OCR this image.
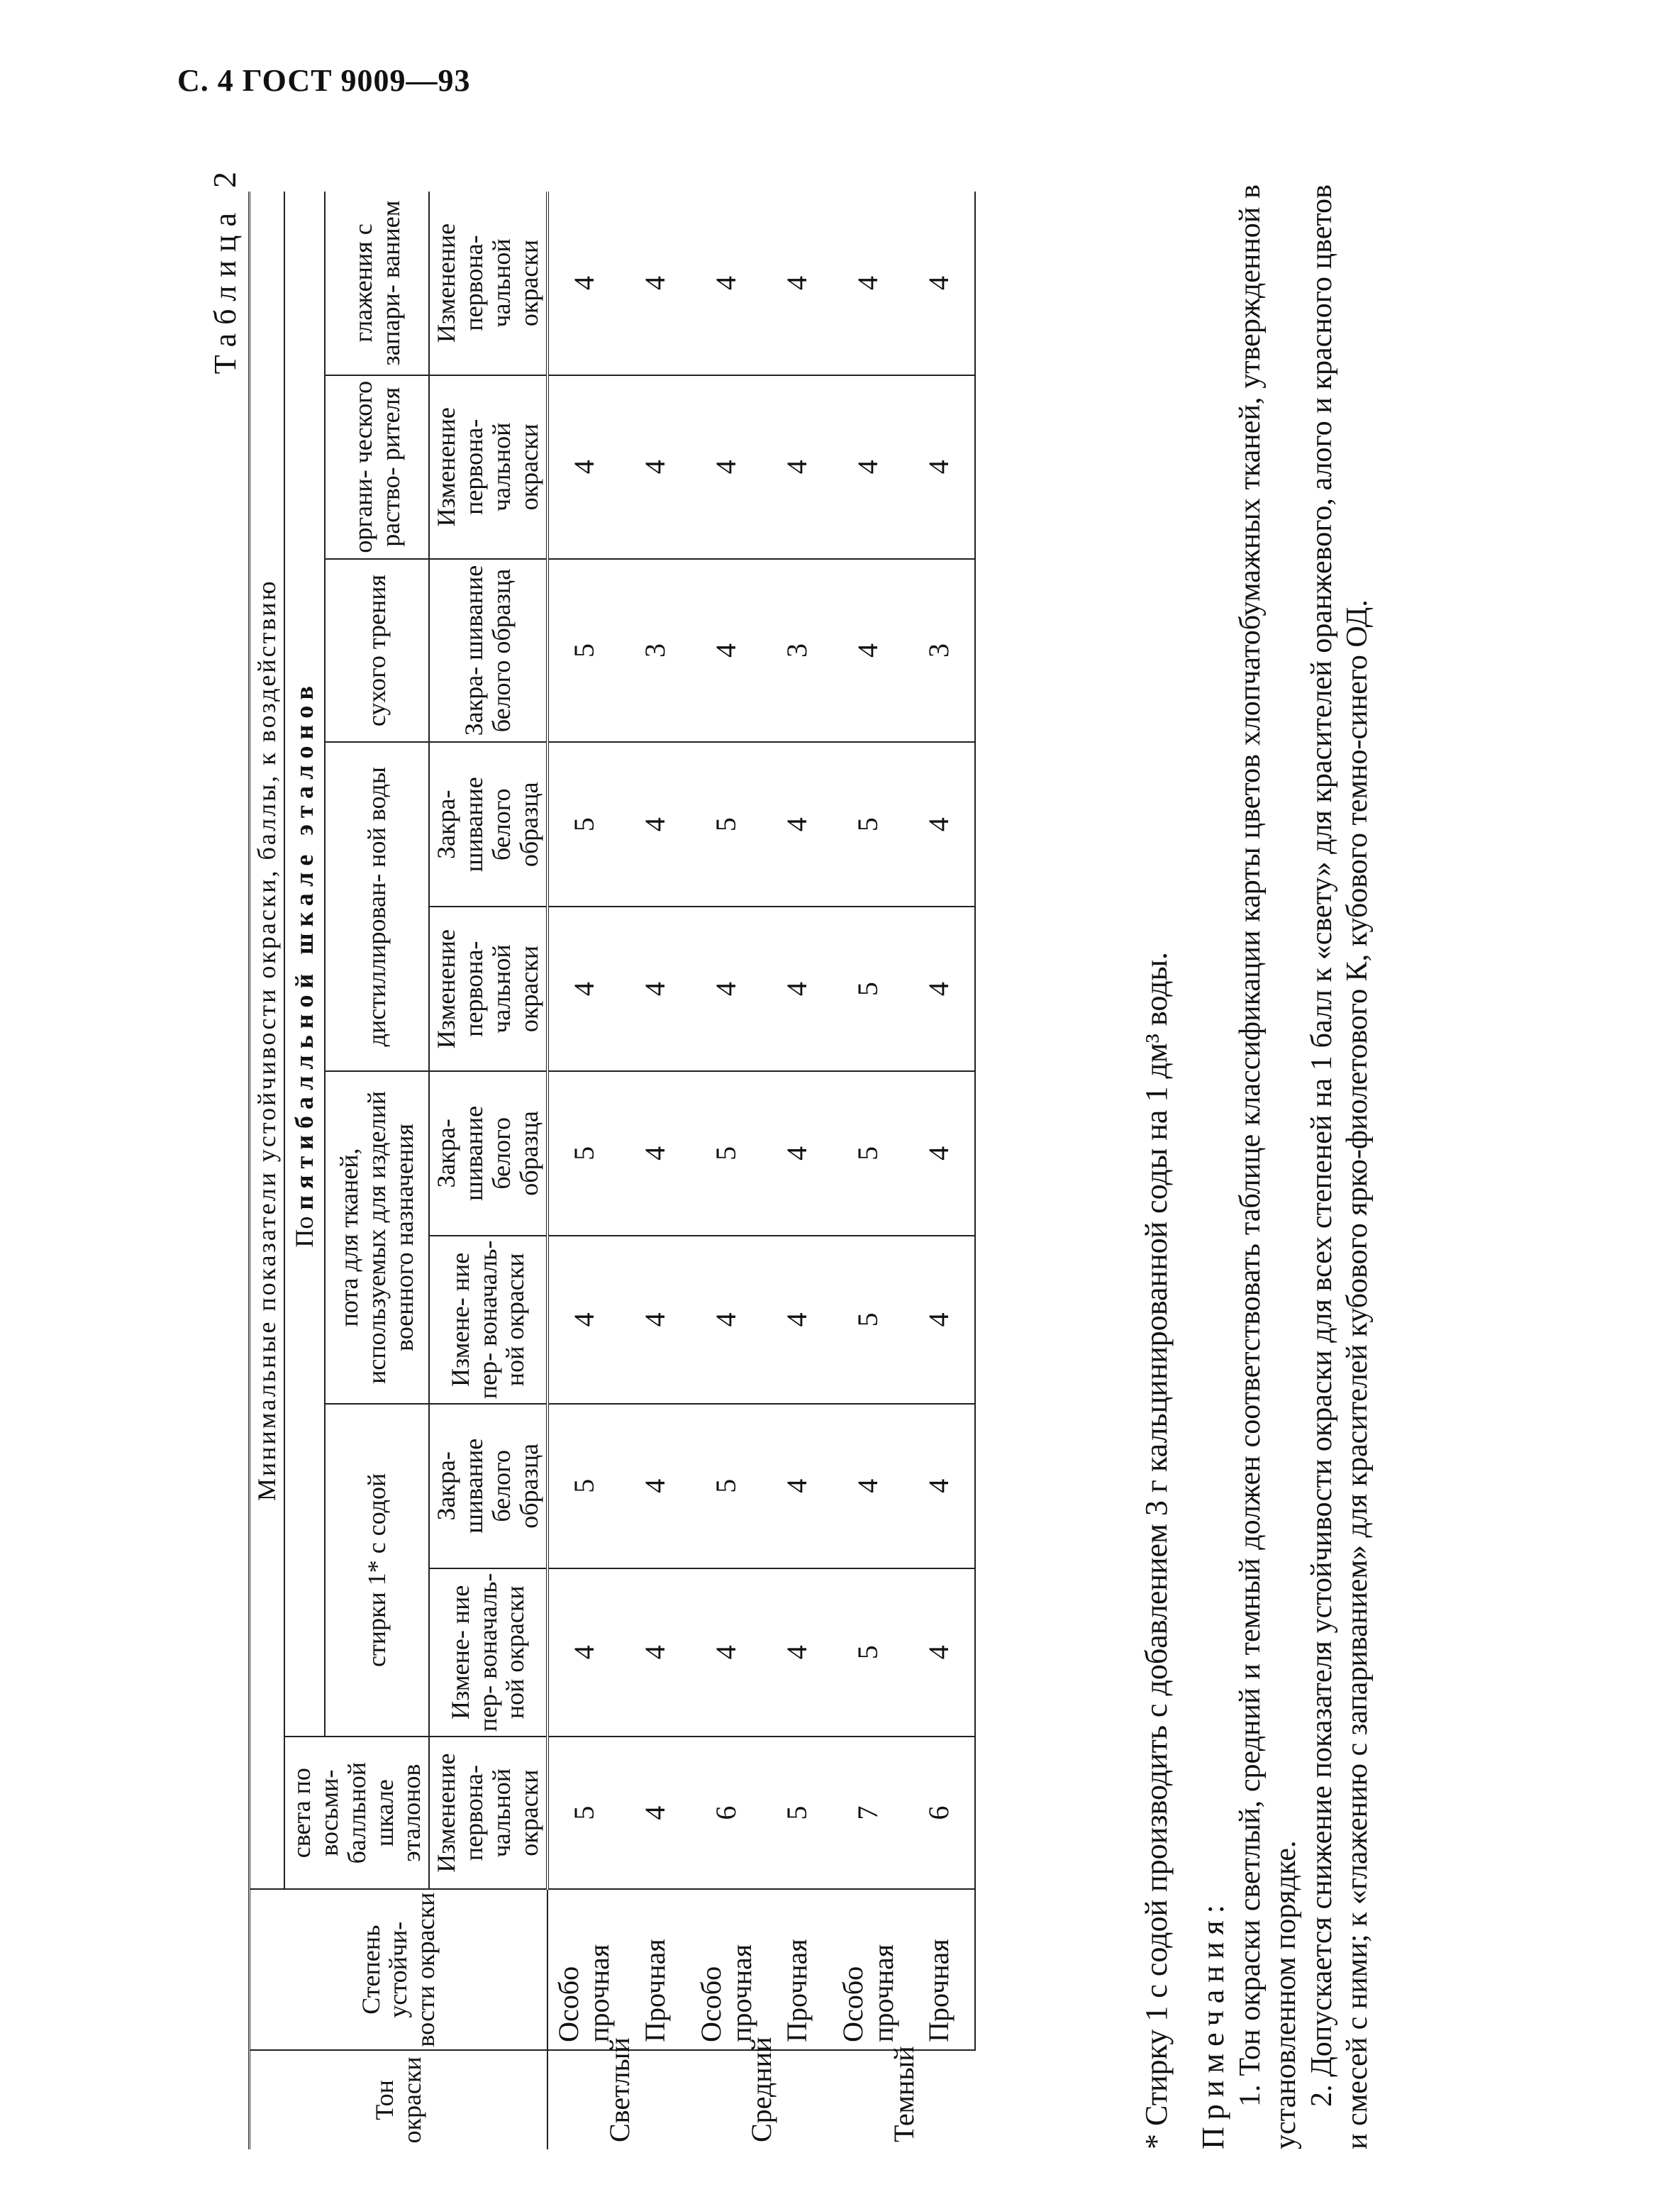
С. 4 ГОСТ 9009—93
Таблица 2
Тон окраски	Степень устойчи- вости окраски	Минимальные показатели устойчивости окраски, баллы, к воздействию									
		света по восьми- балльной шкале эталонов	По пятибалльной шкале эталонов								
			стирки 1* с содой		пота для тканей, используемых для изделий военного назначения		дистиллирован- ной воды		сухого трения	органи- ческого раство- рителя	глажения с запари- ванием
		Изменение первона- чальной окраски	Измене- ние пер- воначаль- ной окраски	Закра- шивание белого образца	Измене- ние пер- воначаль- ной окраски	Закра- шивание белого образца	Изменение первона- чальной окраски	Закра- шивание белого образца	Закра- шивание белого образца	Изменение первона- чальной окраски	Изменение первона- чальной окраски
Светлый	Особо прочная	5	4	5	4	5	4	5	5	4	4
	Прочная	4	4	4	4	4	4	4	3	4	4
Средний	Особо прочная	6	4	5	4	5	4	5	4	4	4
	Прочная	5	4	4	4	4	4	4	3	4	4
Темный	Особо прочная	7	5	4	5	5	5	5	4	4	4
	Прочная	6	4	4	4	4	4	4	3	4	4
* Стирку 1 с содой производить с добавлением 3 г кальцинированной соды на 1 дм³ воды. Примечания: 1. Тон окраски светлый, средний и темный должен соответствовать таблице классификации карты цветов хлопчатобумажных тканей, утвержденной в установленном порядке. 2. Допускается снижение показателя устойчивости окраски для всех степеней на 1 балл к «свету» для красителей оранжевого, алого и красного цветов и смесей с ними; к «глажению с запариванием» для красителей кубового ярко-фиолетового К, кубового темно-синего ОД.
